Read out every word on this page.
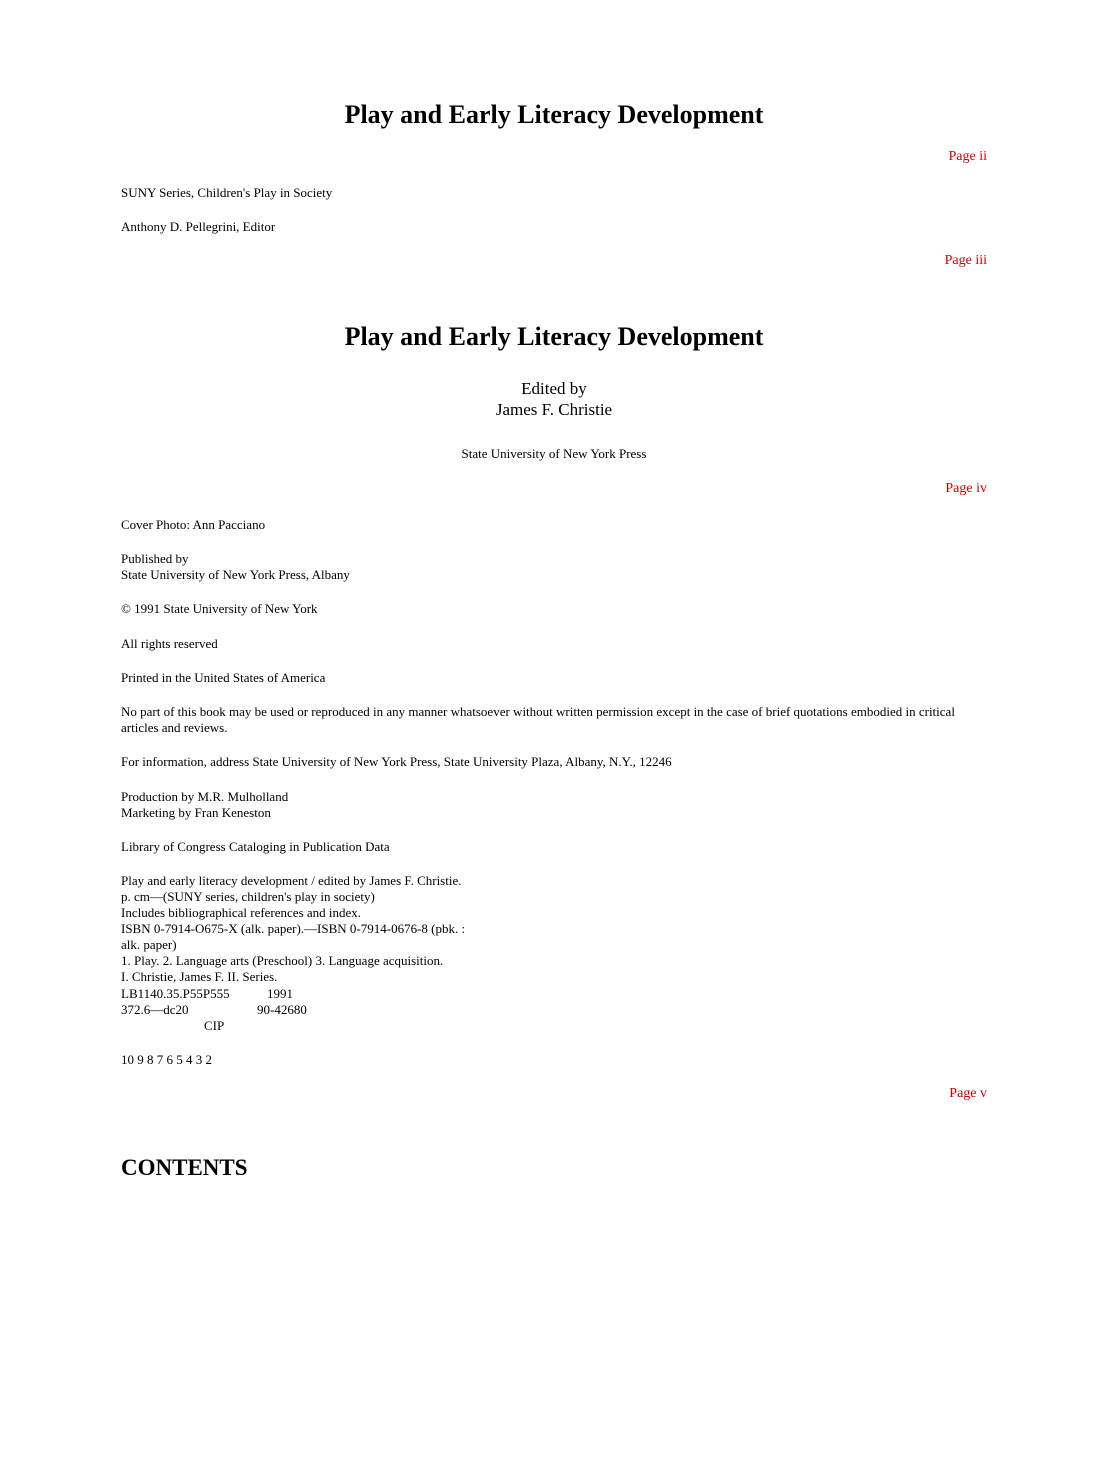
Play and Early Literacy Development
Page ii
SUNY Series, Children's Play in Society
Anthony D. Pellegrini, Editor
Page iii
Play and Early Literacy Development
Edited by
James F. Christie
State University of New York Press
Page iv
Cover Photo: Ann Pacciano
Published by
State University of New York Press, Albany
© 1991 State University of New York
All rights reserved
Printed in the United States of America
No part of this book may be used or reproduced in any manner whatsoever without written permission except in the case of brief quotations embodied in critical articles and reviews.
For information, address State University of New York Press, State University Plaza, Albany, N.Y., 12246
Production by M.R. Mulholland
Marketing by Fran Keneston
Library of Congress Cataloging in Publication Data
Play and early literacy development / edited by James F. Christie.
p. cm—(SUNY series, children's play in society)
Includes bibliographical references and index.
ISBN 0-7914-O675-X (alk. paper).—ISBN 0-7914-0676-8 (pbk. :
alk. paper)
1. Play. 2. Language arts (Preschool) 3. Language acquisition.
I. Christie, James F. II. Series.
LB1140.35.P55P555	1991
372.6—dc20	90-42680
CIP
10 9 8 7 6 5 4 3 2
Page v
CONTENTS
